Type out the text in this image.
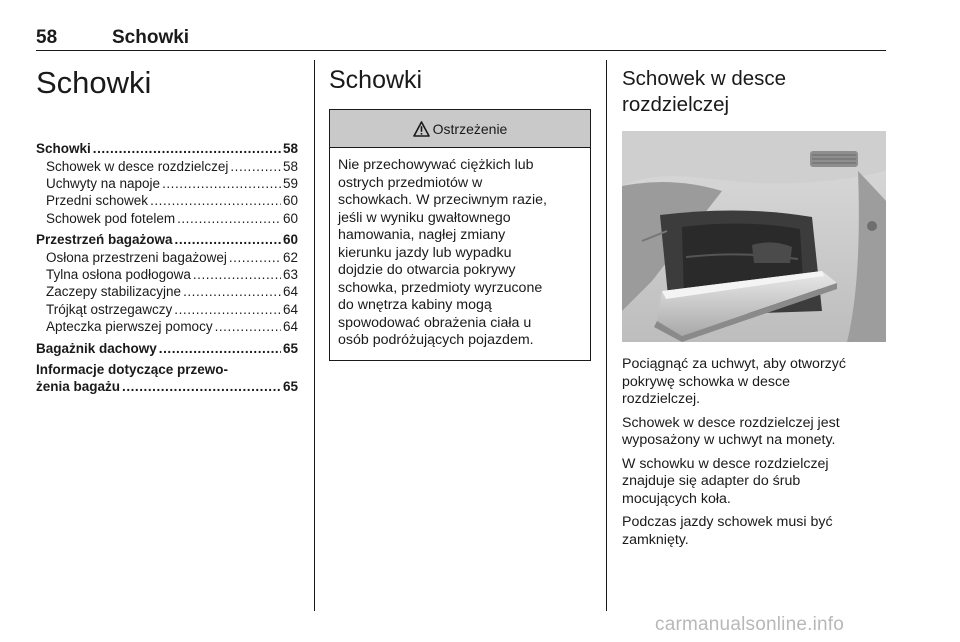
58	Schowki
Schowki
Schowki . . .	58
Schowek w desce rozdzielczej . . .	58
Uchwyty na napoje . . .	59
Przedni schowek . . .	60
Schowek pod fotelem . . .	60
Przestrzeń bagażowa . . .	60
Osłona przestrzeni bagażowej . . .	62
Tylna osłona podłogowa . . .	63
Zaczepy stabilizacyjne . . .	64
Trójkąt ostrzegawczy . . .	64
Apteczka pierwszej pomocy . . .	64
Bagażnik dachowy . . .	65
Informacje dotyczące przewo-
żenia bagażu . . .	65
Schowki
Ostrzeżenie
Nie przechowywać ciężkich lub
ostrych przedmiotów w
schowkach. W przeciwnym razie,
jeśli w wyniku gwałtownego
hamowania, nagłej zmiany
kierunku jazdy lub wypadku
dojdzie do otwarcia pokrywy
schowka, przedmioty wyrzucone
do wnętrza kabiny mogą
spowodować obrażenia ciała u
osób podróżujących pojazdem.
Schowek w desce
rozdzielczej

Pociągnąć za uchwyt, aby otworzyć
pokrywę schowka w desce
rozdzielczej.

Schowek w desce rozdzielczej jest
wyposażony w uchwyt na monety.

W schowku w desce rozdzielczej
znajduje się adapter do śrub
mocujących koła.

Podczas jazdy schowek musi być
zamknięty.

carmanualsonline.info
